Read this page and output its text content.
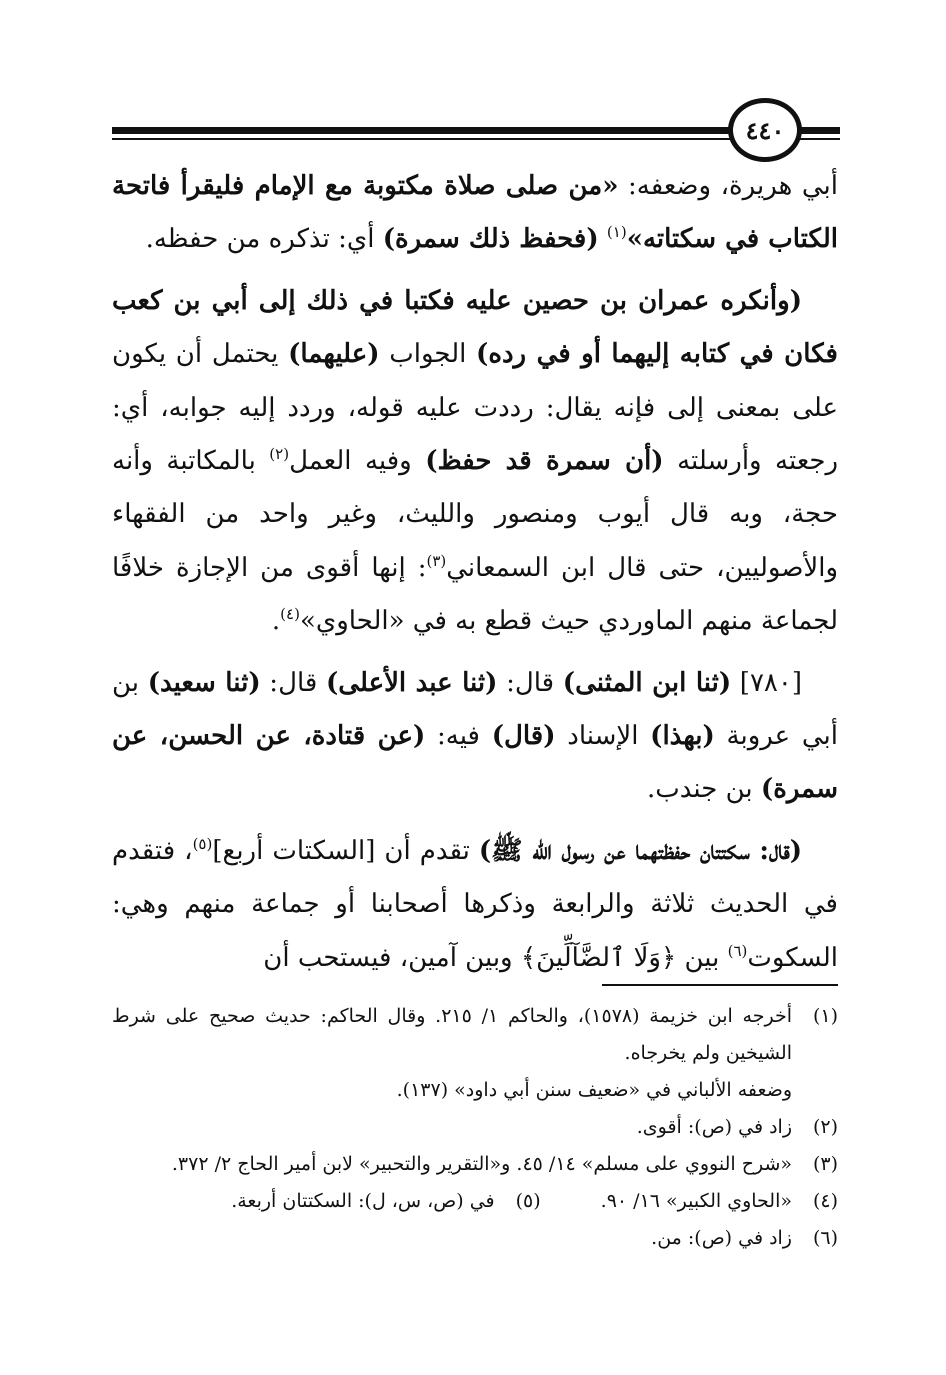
٤٤٠

أبي هريرة، وضعفه: «من صلى صلاة مكتوبة مع الإمام فليقرأ فاتحة الكتاب في سكتاته»$^{(١)}$ (فحفظ ذلك سمرة) أي: تذكره من حفظه.

(وأنكره عمران بن حصين عليه فكتبا في ذلك إلى أبي بن كعب فكان في كتابه إليهما أو في رده) الجواب (عليهما) يحتمل أن يكون على بمعنى إلى فإنه يقال: رددت عليه قوله، وردد إليه جوابه، أي: رجعته وأرسلته (أن سمرة قد حفظ) وفيه العمل$^{(٢)}$ بالمكاتبة وأنه حجة، وبه قال أيوب ومنصور والليث، وغير واحد من الفقهاء والأصوليين، حتى قال ابن السمعاني$^{(٣)}$: إنها أقوى من الإجازة خلافًا لجماعة منهم الماوردي حيث قطع به في «الحاوي»$^{(٤)}$.

[٧٨٠] (ثنا ابن المثنى) قال: (ثنا عبد الأعلى) قال: (ثنا سعيد) بن أبي عروبة (بهذا) الإسناد (قال) فيه: (عن قتادة، عن الحسن، عن سمرة) بن جندب.

(قال: سكتتان حفظتهما عن رسول الله ﷺ) تقدم أن [السكتات أربع]$^{(٥)}$، فتقدم في الحديث ثلاثة والرابعة وذكرها أصحابنا أو جماعة منهم وهي: السكوت$^{(٦)}$ بين ﴿وَلَا ٱلضَّآلِّينَ﴾ وبين آمين، فيستحب أن

(١)
أخرجه ابن خزيمة (١٥٧٨)، والحاكم ١/ ٢١٥. وقال الحاكم: حديث صحيح على شرط الشيخين ولم يخرجاه.
وضعفه الألباني في «ضعيف سنن أبي داود» (١٣٧).
(٢)
زاد في (ص): أقوى.
(٣)
«شرح النووي على مسلم» ١٤/ ٤٥. و«التقرير والتحبير» لابن أمير الحاج ٢/ ٣٧٢.
(٤)
«الحاوي الكبير» ١٦/ ٩٠.
(٥)
في (ص، س، ل): السكتتان أربعة.
(٦)
زاد في (ص): من.
